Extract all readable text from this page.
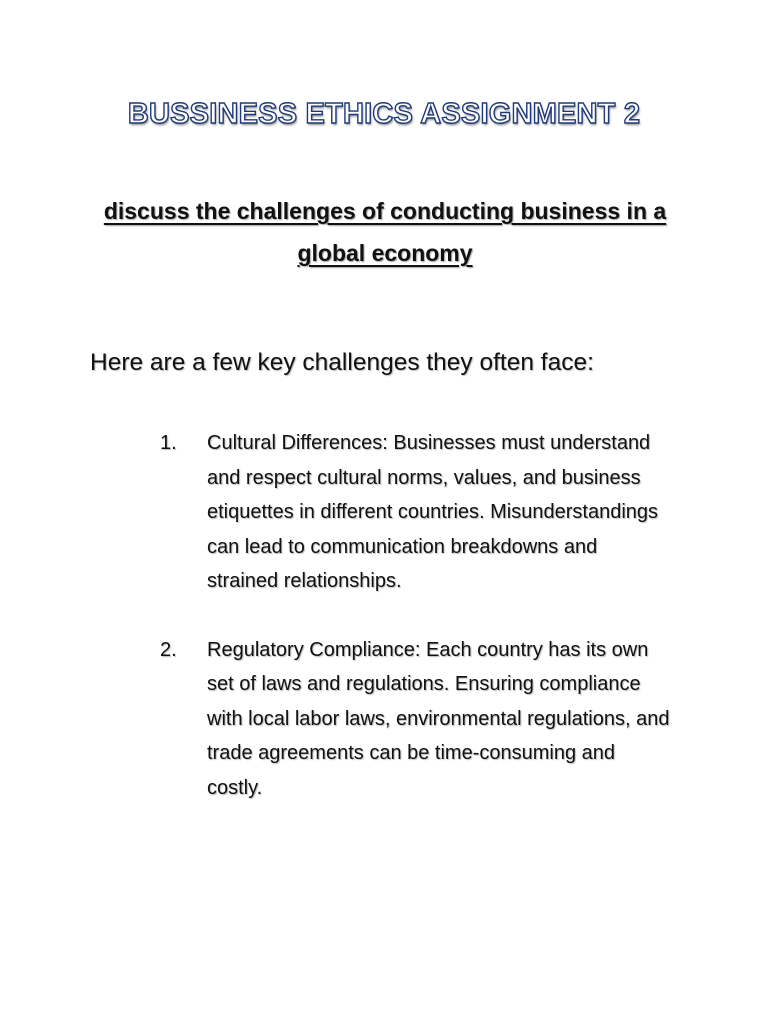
BUSSINESS ETHICS ASSIGNMENT 2
discuss the challenges of conducting business in a global economy
Here are a few key challenges they often face:
1. Cultural Differences: Businesses must understand and respect cultural norms, values, and business etiquettes in different countries. Misunderstandings can lead to communication breakdowns and strained relationships.
2. Regulatory Compliance: Each country has its own set of laws and regulations. Ensuring compliance with local labor laws, environmental regulations, and trade agreements can be time-consuming and costly.
